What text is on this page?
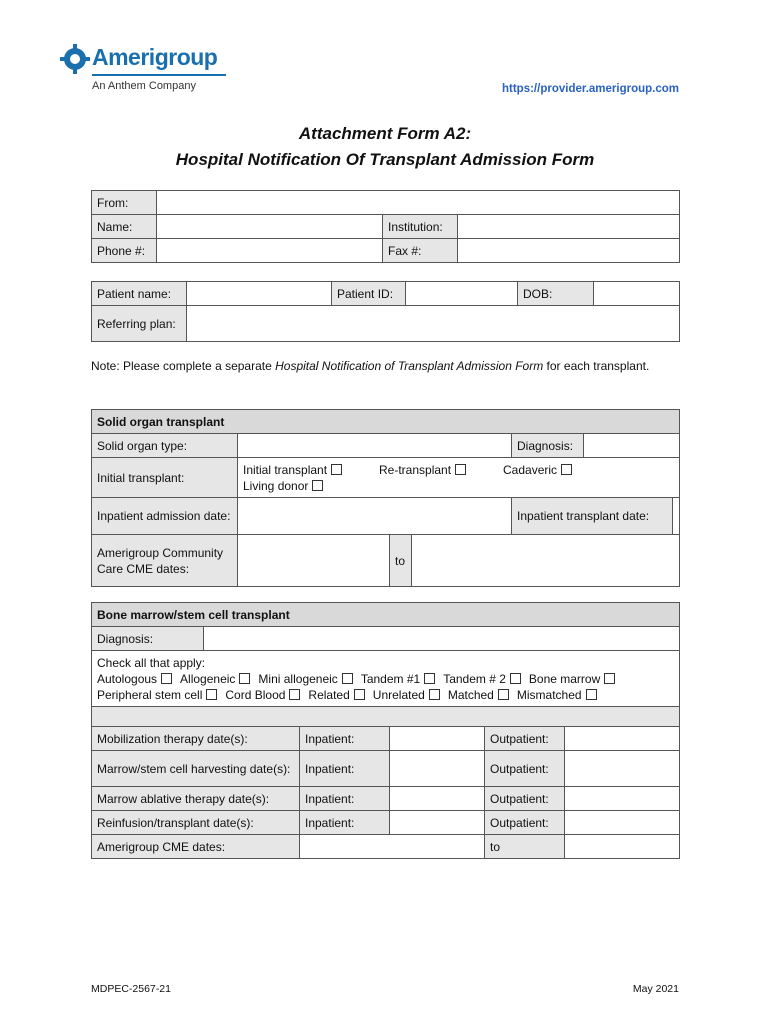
Amerigroup
An Anthem Company	https://provider.amerigroup.com
Attachment Form A2:
Hospital Notification Of Transplant Admission Form
From:			
Name:		Institution:	
Phone #:		Fax #:	
Patient name:		Patient ID:		DOB:	
Referring plan:					
Note: Please complete a separate Hospital Notification of Transplant Admission Form for each transplant.
Solid organ transplant					
Solid organ type:				Diagnosis:	
Initial transplant:	Initial transplant Re-transplant Cadaveric
Living donor				

Inpatient admission date:				Inpatient transplant date:	

Amerigroup Community Care CME dates:		to			
Bone marrow/stem cell transplant					
Diagnosis:					

Check all that apply:
Autologous Allogeneic Mini allogeneic Tandem #1 Tandem # 2 Bone marrow
Peripheral stem cell Cord Blood Related Unrelated Matched Mismatched					

Mobilization therapy date(s):		Inpatient:		Outpatient:	
Marrow/stem cell harvesting date(s):		Inpatient:		Outpatient:	
Marrow ablative therapy date(s):		Inpatient:		Outpatient:	
Reinfusion/transplant date(s):		Inpatient:		Outpatient:	
Amerigroup CME dates:				to	
MDPEC-2567-21	May 2021
